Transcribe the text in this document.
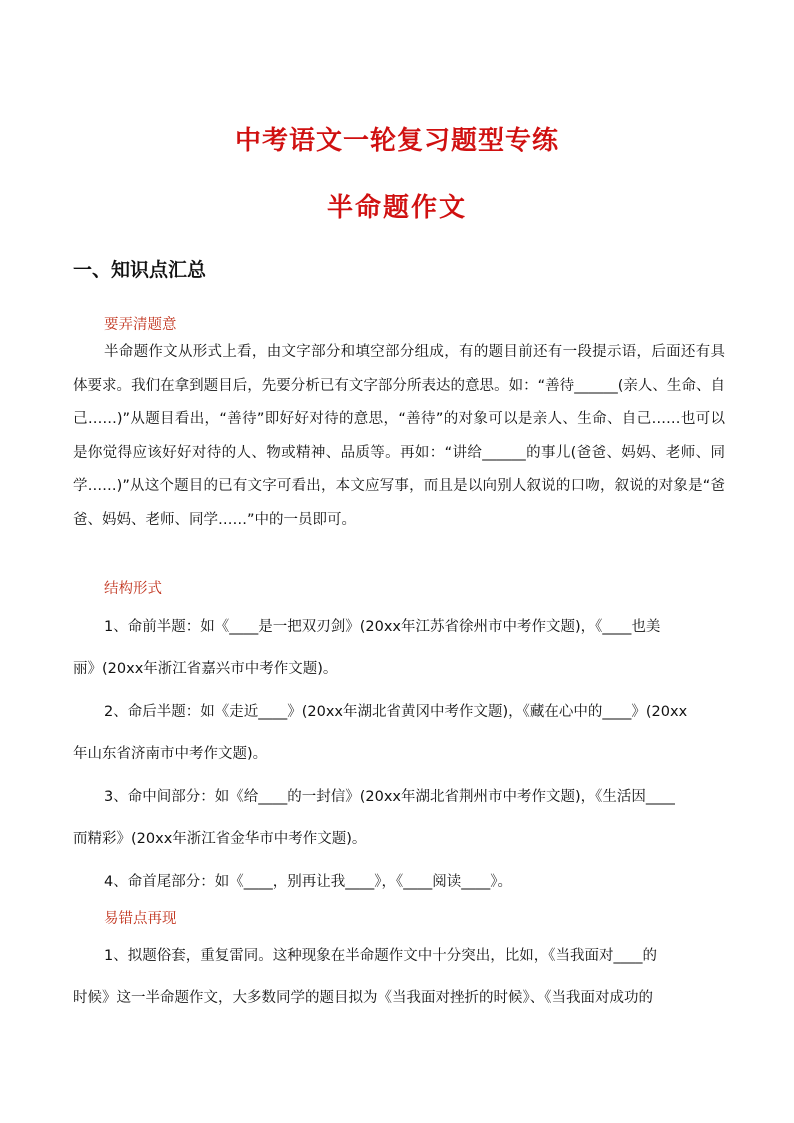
中考语文一轮复习题型专练
半命题作文
一、知识点汇总
要弄清题意
半命题作文从形式上看，由文字部分和填空部分组成，有的题目前还有一段提示语，后面还有具体要求。我们在拿到题目后，先要分析已有文字部分所表达的意思。如：“善待______(亲人、生命、自己……)”从题目看出，“善待”即好好对待的意思，“善待”的对象可以是亲人、生命、自己……也可以是你觉得应该好好对待的人、物或精神、品质等。再如：“讲给______的事儿(爸爸、妈妈、老师、同学……)”从这个题目的已有文字可看出，本文应写事，而且是以向别人叙说的口吻，叙说的对象是“爸爸、妈妈、老师、同学……”中的一员即可。
结构形式
1、命前半题：如《____是一把双刃剑》(20xx年江苏省徐州市中考作文题)，《____也美
丽》(20xx年浙江省嘉兴市中考作文题)。
2、命后半题：如《走近____》(20xx年湖北省黄冈中考作文题)，《藏在心中的____》(20xx
年山东省济南市中考作文题)。
3、命中间部分：如《给____的一封信》(20xx年湖北省荆州市中考作文题)，《生活因____
而精彩》(20xx年浙江省金华市中考作文题)。
4、命首尾部分：如《____，别再让我____》，《____阅读____》。
易错点再现
1、拟题俗套，重复雷同。这种现象在半命题作文中十分突出，比如，《当我面对____的
时候》这一半命题作文，大多数同学的题目拟为《当我面对挫折的时候》、《当我面对成功的
